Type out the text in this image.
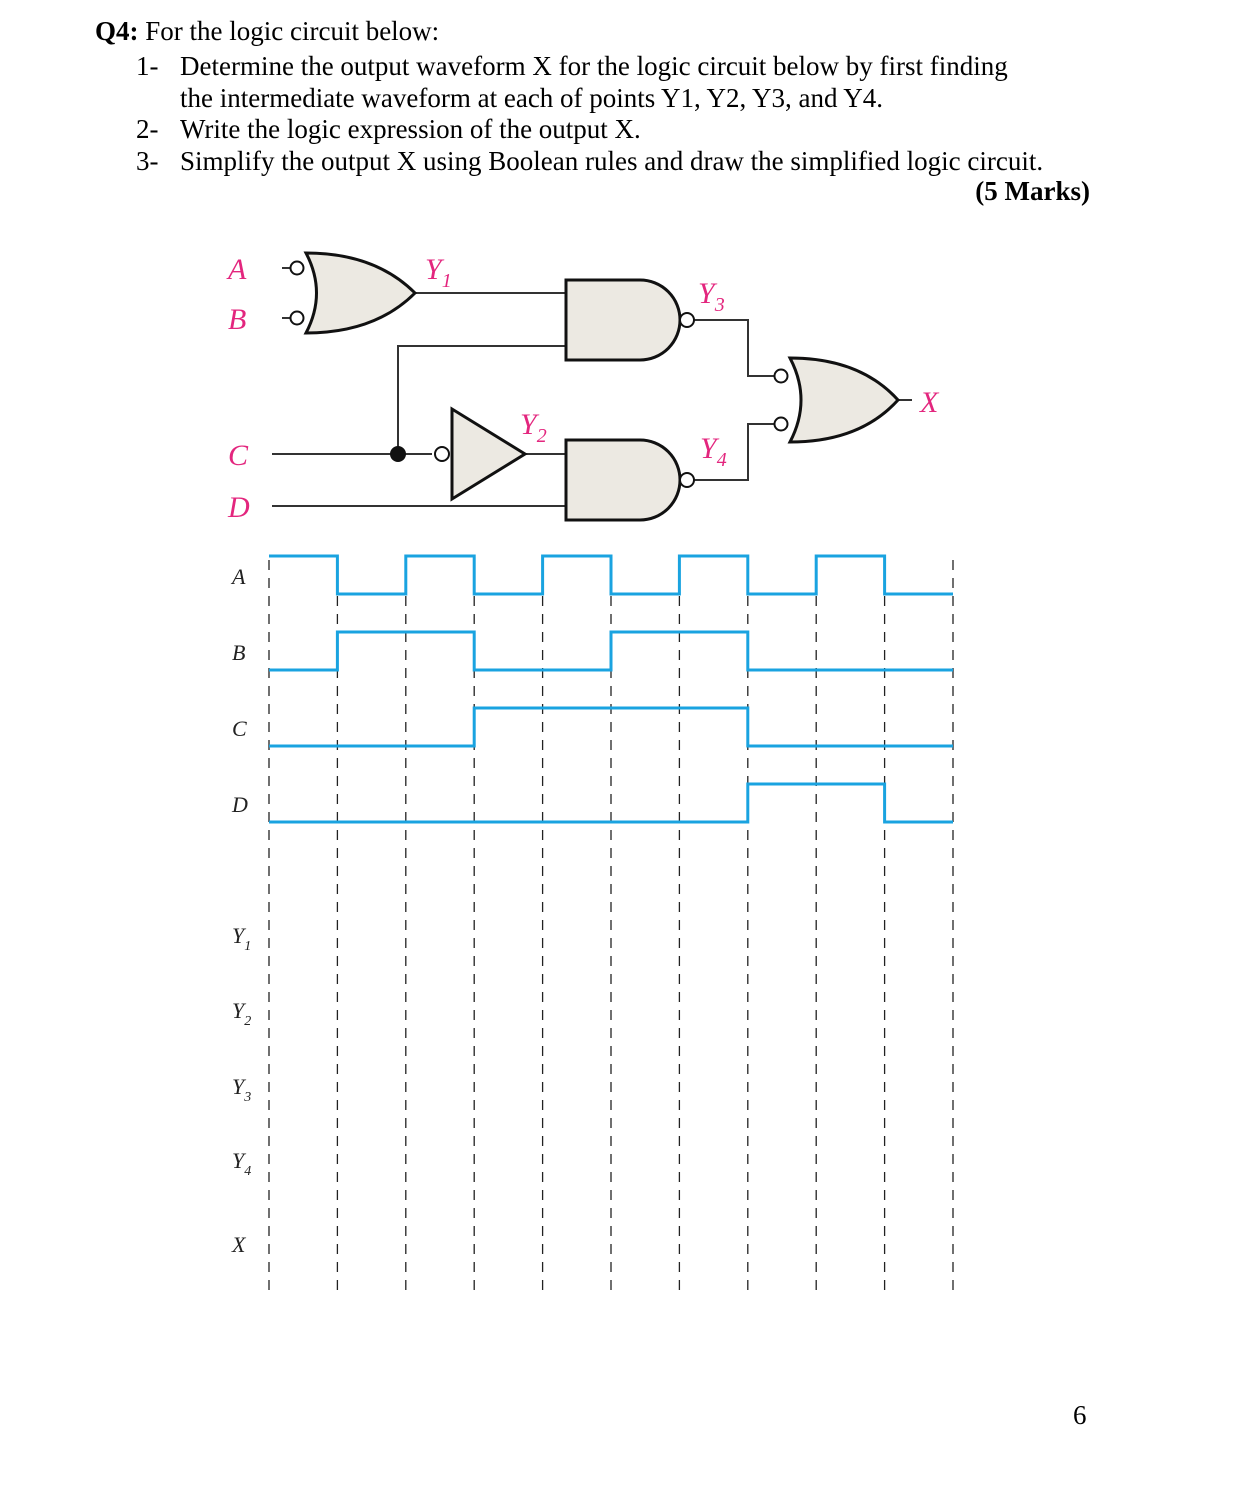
Q4: For the logic circuit below:
1- Determine the output waveform X for the logic circuit below by first finding
the intermediate waveform at each of points Y1, Y2, Y3, and Y4.
2- Write the logic expression of the output X.
3- Simplify the output X using Boolean rules and draw the simplified logic circuit.
(5 Marks)
A
B
C
D
$Y_1$
$Y_2$
$Y_3$
$Y_4$
X
A
B
C
D
$Y_1$
$Y_2$
$Y_3$
$Y_4$
X
6
